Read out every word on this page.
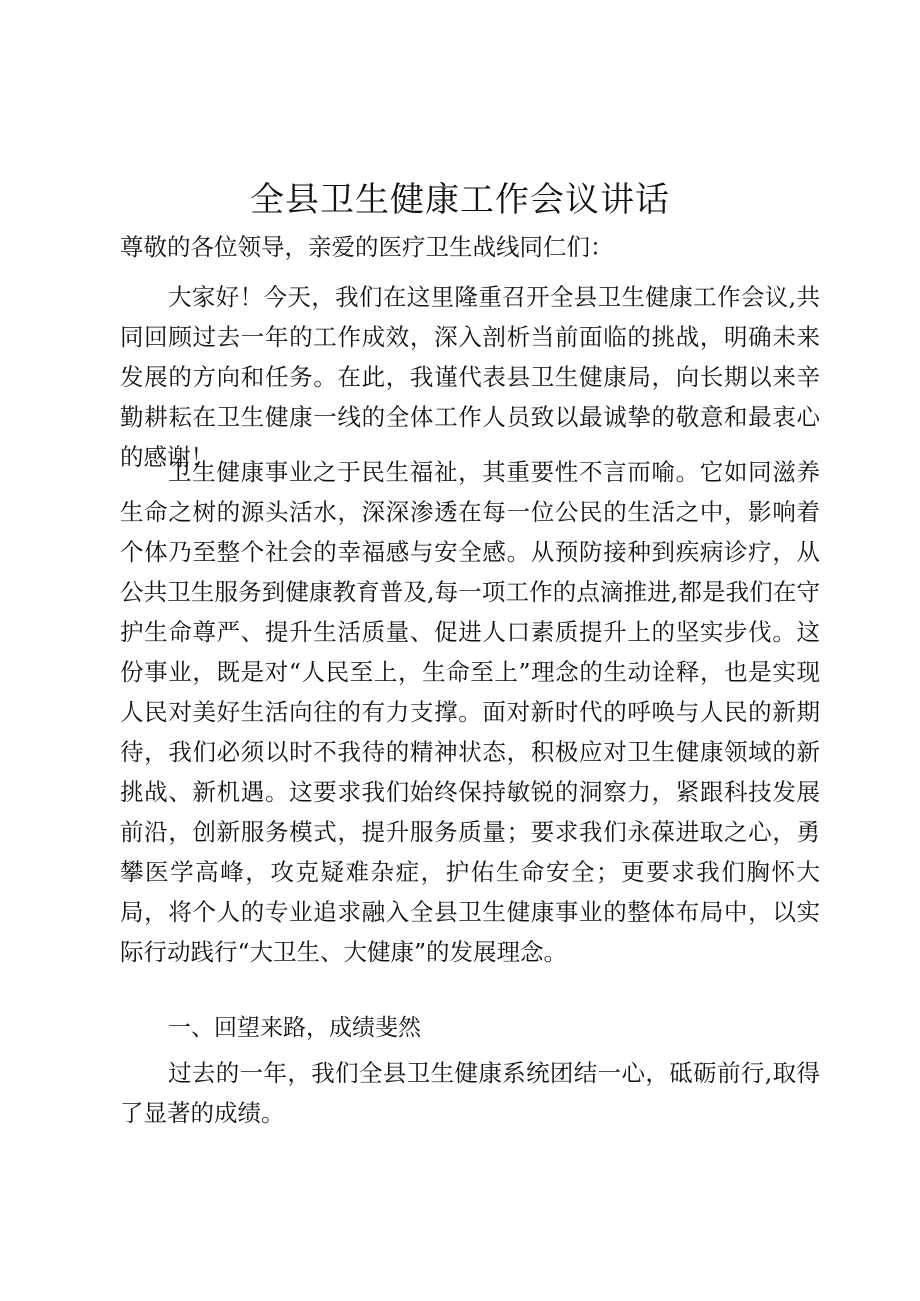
全县卫生健康工作会议讲话

尊敬的各位领导，亲爱的医疗卫生战线同仁们：

大家好！今天，我们在这里隆重召开全县卫生健康工作会议,共同回顾过去一年的工作成效，深入剖析当前面临的挑战，明确未来发展的方向和任务。在此，我谨代表县卫生健康局，向长期以来辛勤耕耘在卫生健康一线的全体工作人员致以最诚挚的敬意和最衷心的感谢！

卫生健康事业之于民生福祉，其重要性不言而喻。它如同滋养生命之树的源头活水，深深渗透在每一位公民的生活之中，影响着个体乃至整个社会的幸福感与安全感。从预防接种到疾病诊疗，从公共卫生服务到健康教育普及,每一项工作的点滴推进,都是我们在守护生命尊严、提升生活质量、促进人口素质提升上的坚实步伐。这份事业，既是对“人民至上，生命至上”理念的生动诠释，也是实现人民对美好生活向往的有力支撑。面对新时代的呼唤与人民的新期待，我们必须以时不我待的精神状态，积极应对卫生健康领域的新挑战、新机遇。这要求我们始终保持敏锐的洞察力，紧跟科技发展前沿，创新服务模式，提升服务质量；要求我们永葆进取之心，勇攀医学高峰，攻克疑难杂症，护佑生命安全；更要求我们胸怀大局，将个人的专业追求融入全县卫生健康事业的整体布局中，以实际行动践行“大卫生、大健康”的发展理念。

一、回望来路，成绩斐然

过去的一年，我们全县卫生健康系统团结一心，砥砺前行,取得了显著的成绩。
